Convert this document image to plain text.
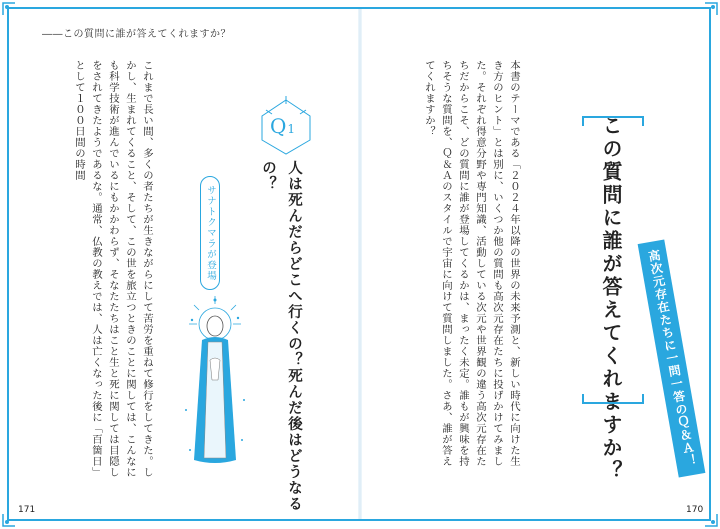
――この質問に誰が答えてくれますか？
この質問に誰が答えてくれますか？	高次元存在たちに一問一答のＱ＆Ａ！
本書のテーマである「２０２４年以降の世界の未来予測と、新しい時代に向けた生き方のヒント」とは別に、いくつか他の質問も高次元存在たちに投げかけてみました。それぞれ得意分野や専門知識、活動している次元や世界観の違う高次元存在たちだからこそ、どの質問に誰が登場してくるかは、まったく未定。誰もが興味を持ちそうな質問を、Ｑ＆Ａのスタイルで宇宙に向けて質問しました。さあ、誰が答えてくれますか？
Q1
人は死んだらどこへ行くの？死んだ後はどうなるの？
サナトクマラが登場
これまで長い間、多くの者たちが生きながらにして苦労を重ねて修行をしてきた。しかし、生まれてくること、そして、この世を旅立つときのことに関しては、こんなにも科学技術が進んでいるにもかかわらず、そなたたちはこと生と死に関しては目隠しをされてきたようであるな。通常、仏教の教えでは、人は亡くなった後に「百箇日」として１００日間の時間
171	170
